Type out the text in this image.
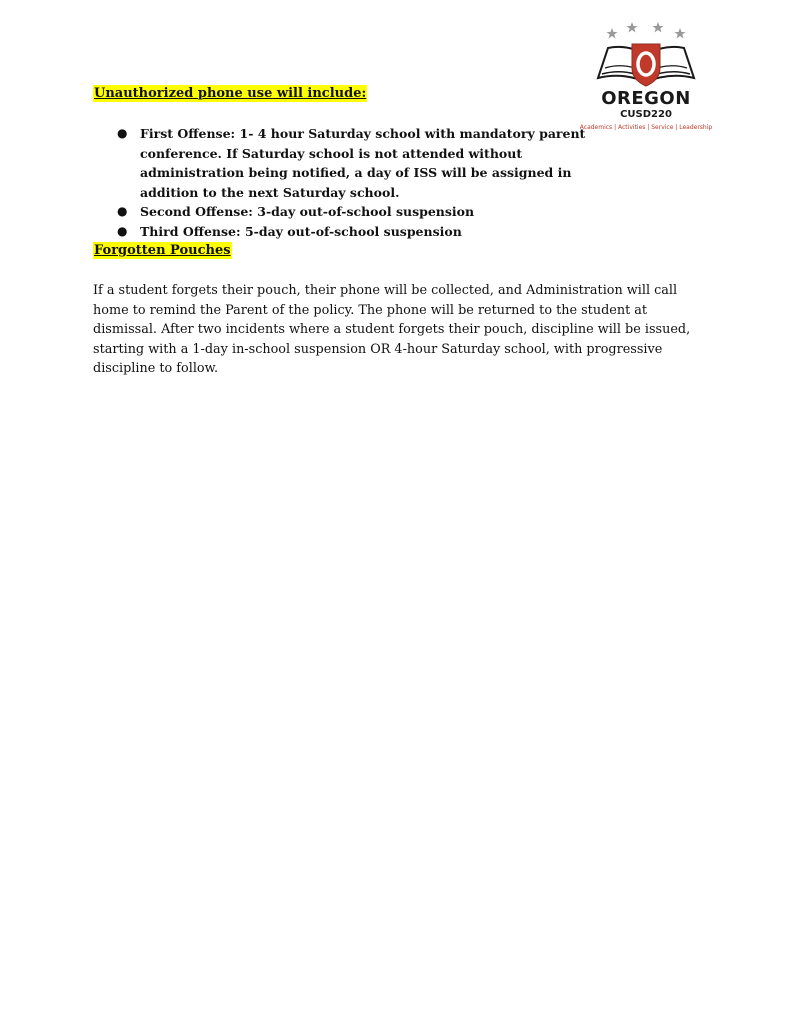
OREGON
CUSD220
Academics | Activities | Service | Leadership
Unauthorized phone use will include:
● First Offense: 1- 4 hour Saturday school with mandatory parent conference. If Saturday school is not attended without administration being notified, a day of ISS will be assigned in addition to the next Saturday school.
● Second Offense: 3-day out-of-school suspension
● Third Offense: 5-day out-of-school suspension
Forgotten Pouches

If a student forgets their pouch, their phone will be collected, and Administration will call home to remind the Parent of the policy. The phone will be returned to the student at dismissal. After two incidents where a student forgets their pouch, discipline will be issued, starting with a 1-day in-school suspension OR 4-hour Saturday school, with progressive discipline to follow.
